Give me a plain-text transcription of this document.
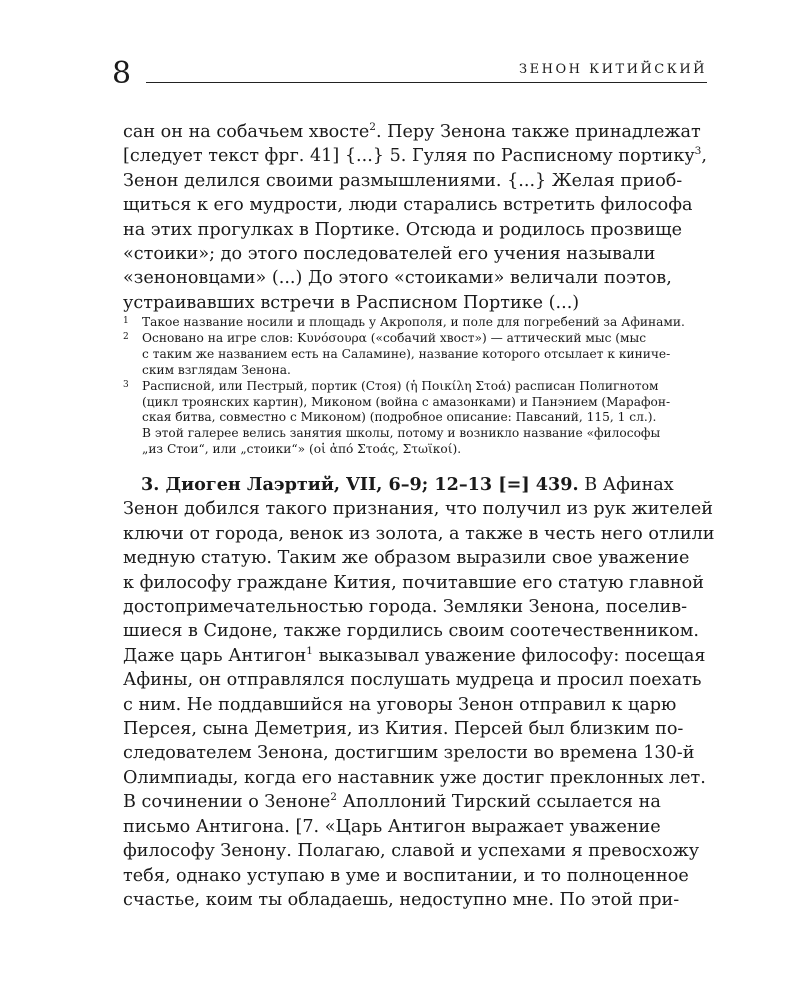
8	ЗЕНОН КИТИЙСКИЙ
сан он на собачьем хвосте$^2$. Перу Зенона также принадлежат
[следует текст фрг. 41] {...} 5. Гуляя по Расписному портику$^3$,
Зенон делился своими размышлениями. {...} Желая приоб-
щиться к его мудрости, люди старались встретить философа
на этих прогулках в Портике. Отсюда и родилось прозвище
«стоики»; до этого последователей его учения называли
«зеноновцами» (...) До этого «стоиками» величали поэтов,
устраивавших встречи в Расписном Портике (...)
1 Такое название носили и площадь у Акрополя, и поле для погребений за Афинами.
2 Основано на игре слов: Κυνόσουρα («собачий хвост») — аттический мыс (мыс
с таким же названием есть на Саламине), название которого отсылает к киниче-
ским взглядам Зенона.
3 Расписной, или Пестрый, портик (Стоя) (ἡ Ποικίλη Στοά) расписан Полигнотом
(цикл троянских картин), Миконом (война с амазонками) и Панэнием (Марафон-
ская битва, совместно с Миконом) (подробное описание: Павсаний, 115, 1 сл.).
В этой галерее велись занятия школы, потому и возникло название «философы
„из Стои“, или „стоики“» (οἱ ἀπό Στοάς, Στωϊκοί).
3. Диоген Лаэртий, VII, 6–9; 12–13 [=] 439. В Афинах
Зенон добился такого признания, что получил из рук жителей
ключи от города, венок из золота, а также в честь него отлили
медную статую. Таким же образом выразили свое уважение
к философу граждане Кития, почитавшие его статую главной
достопримечательностью города. Земляки Зенона, поселив-
шиеся в Сидоне, также гордились своим соотечественником.
Даже царь Антигон$^1$ выказывал уважение философу: посещая
Афины, он отправлялся послушать мудреца и просил поехать
с ним. Не поддавшийся на уговоры Зенон отправил к царю
Персея, сына Деметрия, из Кития. Персей был близким по-
следователем Зенона, достигшим зрелости во времена 130-й
Олимпиады, когда его наставник уже достиг преклонных лет.
В сочинении о Зеноне$^2$ Аполлоний Тирский ссылается на
письмо Антигона. [7. «Царь Антигон выражает уважение
философу Зенону. Полагаю, славой и успехами я превосхожу
тебя, однако уступаю в уме и воспитании, и то полноценное
счастье, коим ты обладаешь, недоступно мне. По этой при-
